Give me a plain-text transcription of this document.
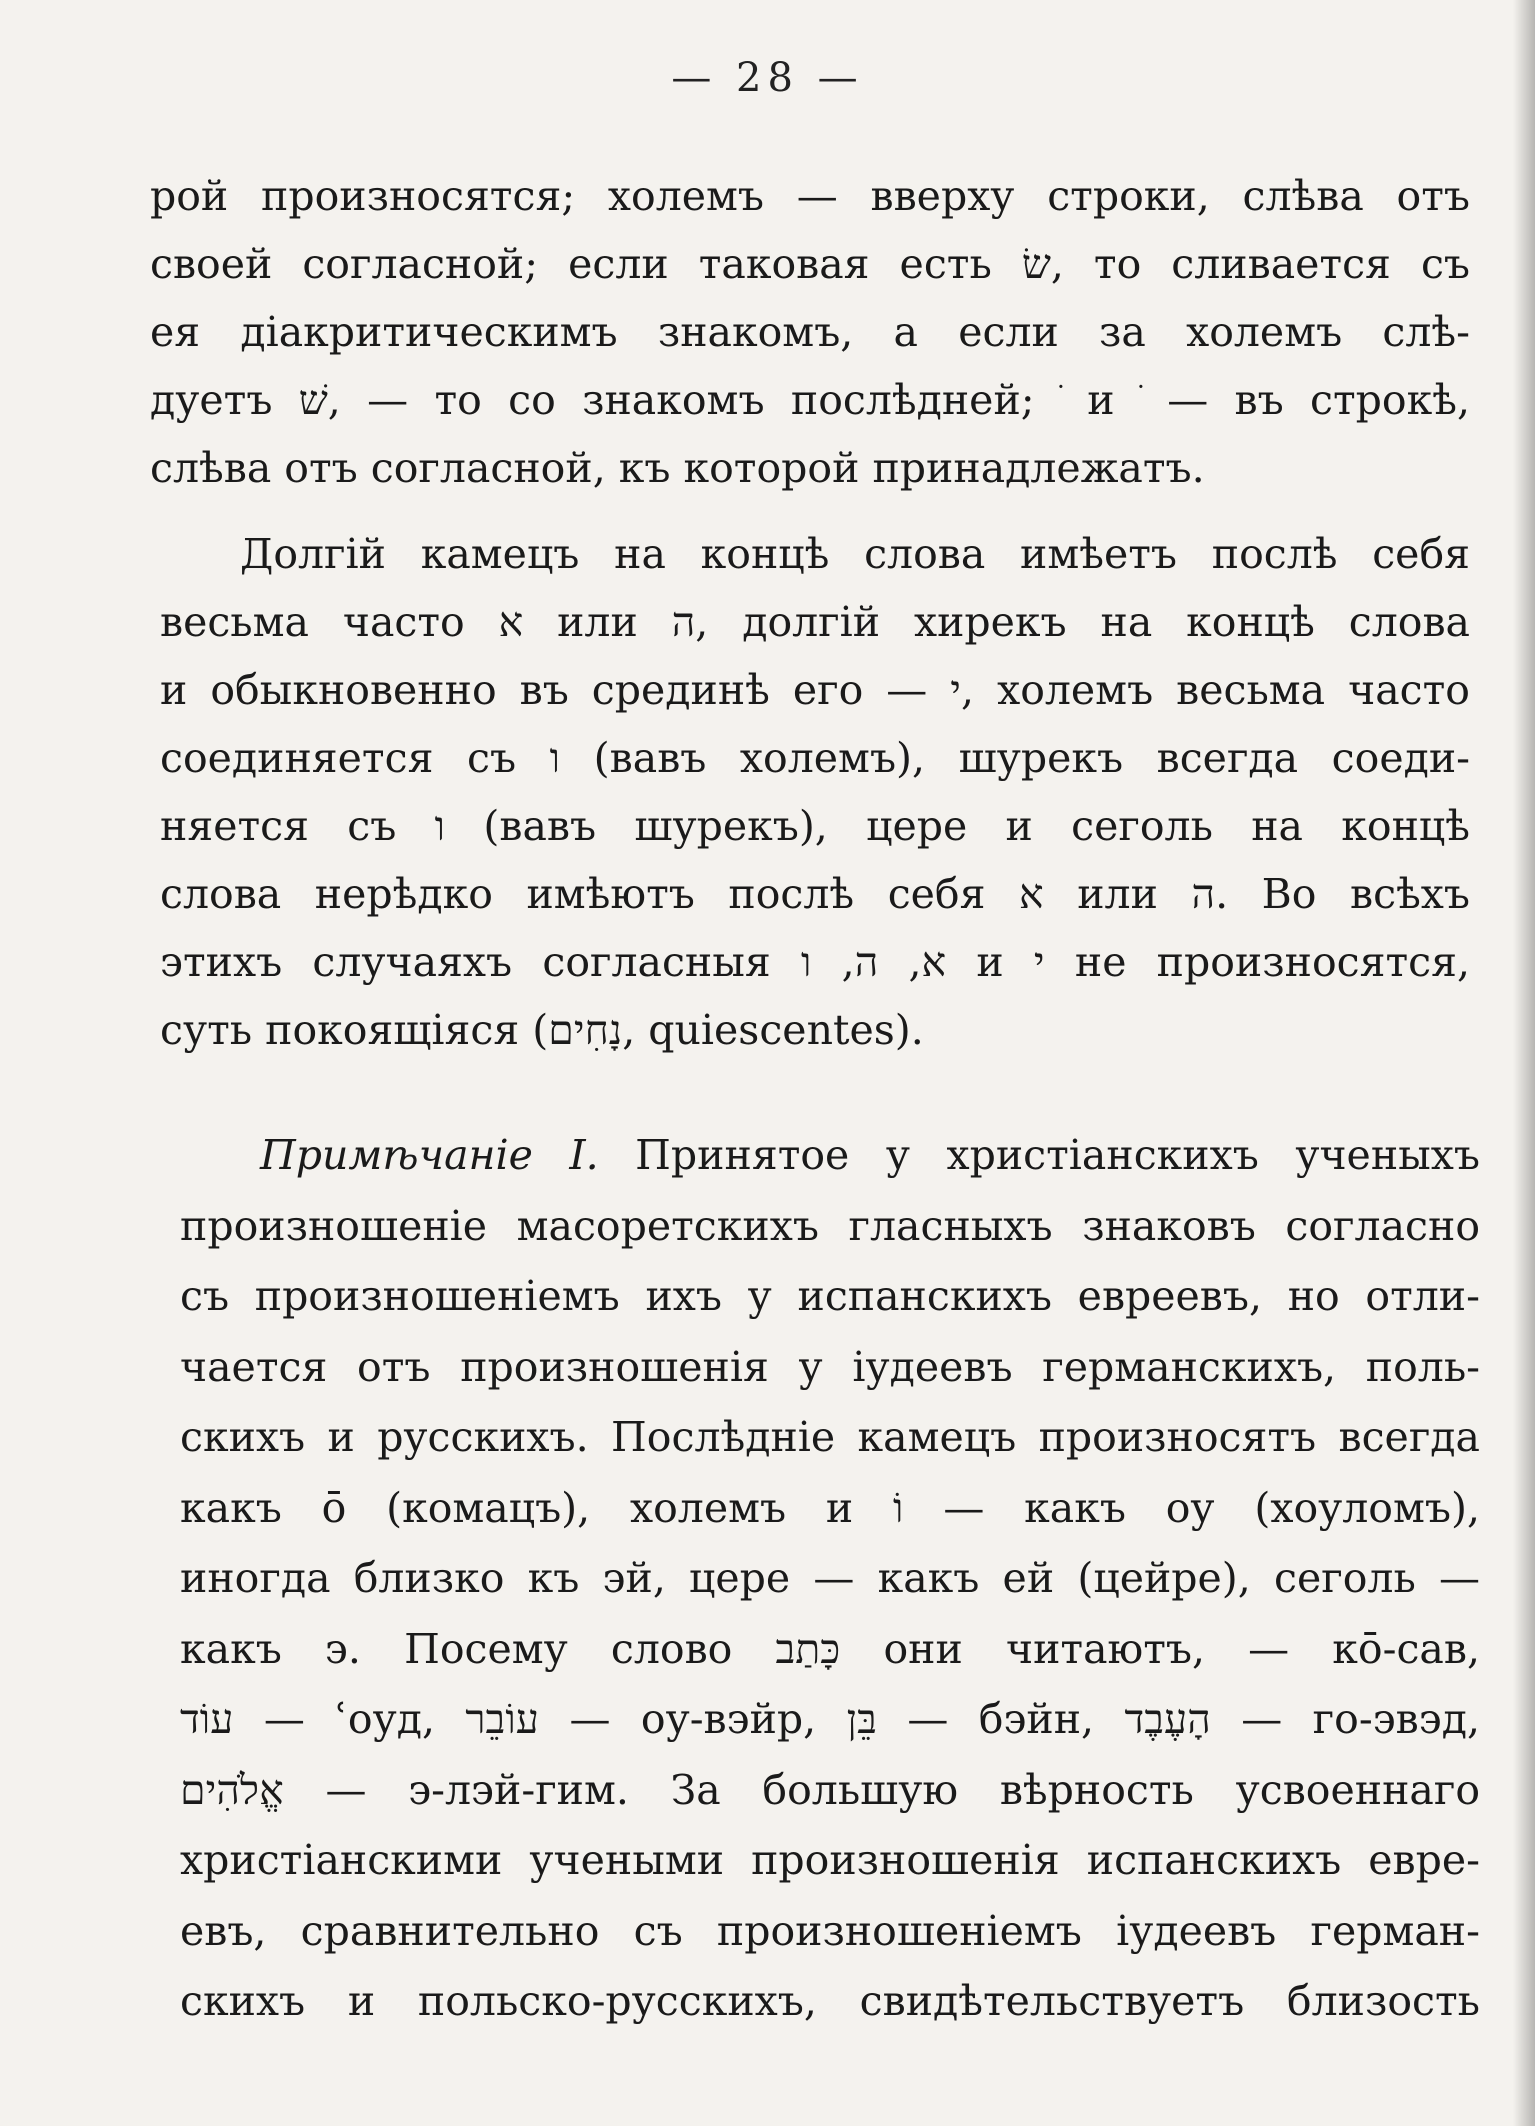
— 28 —
рой произносятся; холемъ — вверху строки, слѣва отъ
своей согласной; если таковая есть שׂ, то сливается съ
ея діакритическимъ знакомъ, а если за холемъ слѣ-
дуетъ שׁ, — то со знакомъ послѣдней; ׂ и ֹ — въ строкѣ,
слѣва отъ согласной, къ которой принадлежатъ.
Долгій камецъ на концѣ слова имѣетъ послѣ себя
весьма часто א или ה, долгій хирекъ на концѣ слова
и обыкновенно въ срединѣ его — י, холемъ весьма часто
соединяется съ ו (вавъ холемъ), шурекъ всегда соеди-
няется съ ו (вавъ шурекъ), цере и сеголь на концѣ
слова нерѣдко имѣютъ послѣ себя א или ה. Во всѣхъ
этихъ случаяхъ согласныя א, ה, ו и י не произносятся,
суть покоящіяся (נָחִים, quiescentes).
Примѣчаніе I. Принятое у христіанскихъ ученыхъ
произношеніе масоретскихъ гласныхъ знаковъ согласно
съ произношеніемъ ихъ у испанскихъ евреевъ, но отли-
чается отъ произношенія у іудеевъ германскихъ, поль-
скихъ и русскихъ. Послѣдніе камецъ произносятъ всегда
какъ ō (комацъ), холемъ и וֹ — какъ оу (хоуломъ),
иногда близко къ эй, цере — какъ ей (цейре), сеголь —
какъ э. Посему слово כָּתַב они читаютъ, — кō-сав,
עוֹד — ʿоуд, עוֹבֵר — оу-вэйр, בֵּן — бэйн, הָעֶבֶד — го-эвэд,
אֱלֹהִים — э-лэй-гим. За большую вѣрность усвоеннаго
христіанскими учеными произношенія испанскихъ евре-
евъ, сравнительно съ произношеніемъ іудеевъ герман-
скихъ и польско-русскихъ, свидѣтельствуетъ близость
